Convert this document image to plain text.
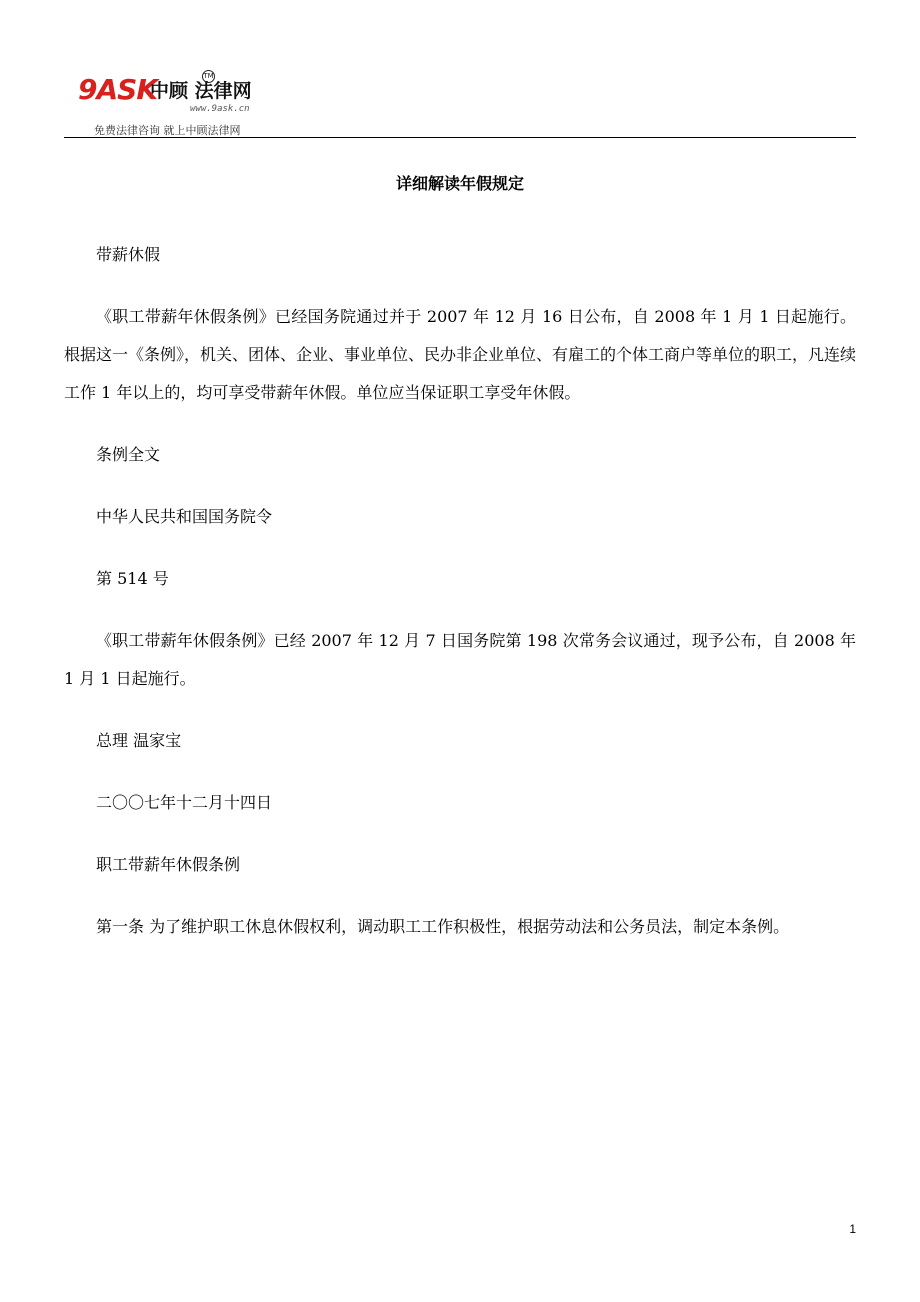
9ASK
中顾 法律网
TM
www.9ask.cn
免费法律咨询 就上中顾法律网
详细解读年假规定

带薪休假

《职工带薪年休假条例》已经国务院通过并于 2007 年 12 月 16 日公布，自 2008 年 1 月 1 日起施行。根据这一《条例》，机关、团体、企业、事业单位、民办非企业单位、有雇工的个体工商户等单位的职工，凡连续工作 1 年以上的，均可享受带薪年休假。单位应当保证职工享受年休假。

条例全文

中华人民共和国国务院令

第 514 号

《职工带薪年休假条例》已经 2007 年 12 月 7 日国务院第 198 次常务会议通过，现予公布，自 2008 年 1 月 1 日起施行。

总理 温家宝

二〇〇七年十二月十四日

职工带薪年休假条例

第一条 为了维护职工休息休假权利，调动职工工作积极性，根据劳动法和公务员法，制定本条例。

1
